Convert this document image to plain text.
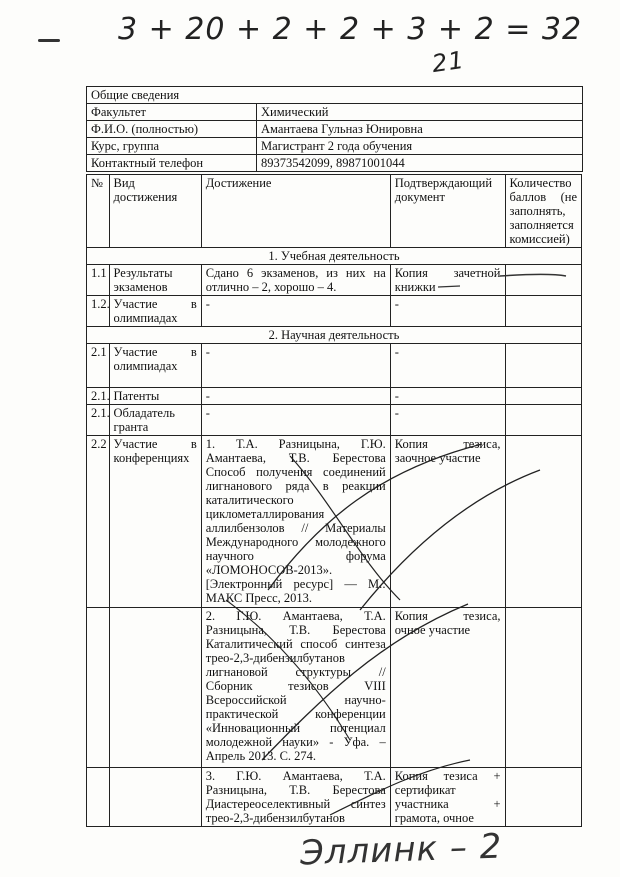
3 + 20 + 2 + 2 + 3 + 2 = 32
21
Общие сведения	
Факультет	Химический
Ф.И.О. (полностью)	Амантаева Гульназ Юнировна
Курс, группа	Магистрант 2 года обучения
Контактный телефон	89373542099, 89871001044
№	Вид достижения	Достижение	Подтверждающий документ	Количество баллов (не заполнять, заполняется комиссией)
1. Учебная деятельность				
1.1	Результаты экзаменов	Сдано 6 экзаменов, из них на отлично – 2, хорошо – 4.	Копия зачетной книжки	
1.2.	Участие в олимпиадах	-	-	
2. Научная деятельность				
2.1	Участие в олимпиадах	-	-	
2.1.	Патенты	-	-	
2.1.	Обладатель гранта	-	-	
2.2	Участие в конференциях	1. Т.А. Разницына, Г.Ю. Амантаева, Т.В. Берестова Способ получения соединений лигнанового ряда в реакции каталитического циклометаллирования аллилбензолов // Материалы Международного молодежного научного форума «ЛОМОНОСОВ-2013». [Электронный ресурс] — М.: МАКС Пресс, 2013.	Копия тезиса, заочное участие	
		2. Г.Ю. Амантаева, Т.А. Разницына, Т.В. Берестова Каталитический способ синтеза трео-2,3-дибензилбутанов лигнановой структуры // Сборник тезисов VIII Всероссийской научно-практической конференции «Инновационный потенциал молодежной науки» - Уфа. – Апрель 2013. С. 274.	Копия тезиса, очное участие	
		3. Г.Ю. Амантаева, Т.А. Разницына, Т.В. Берестова Диастереоселективный синтез трео-2,3-дибензилбутанов	Копия тезиса + сертификат участника + грамота, очное	
Эллинк – 2
